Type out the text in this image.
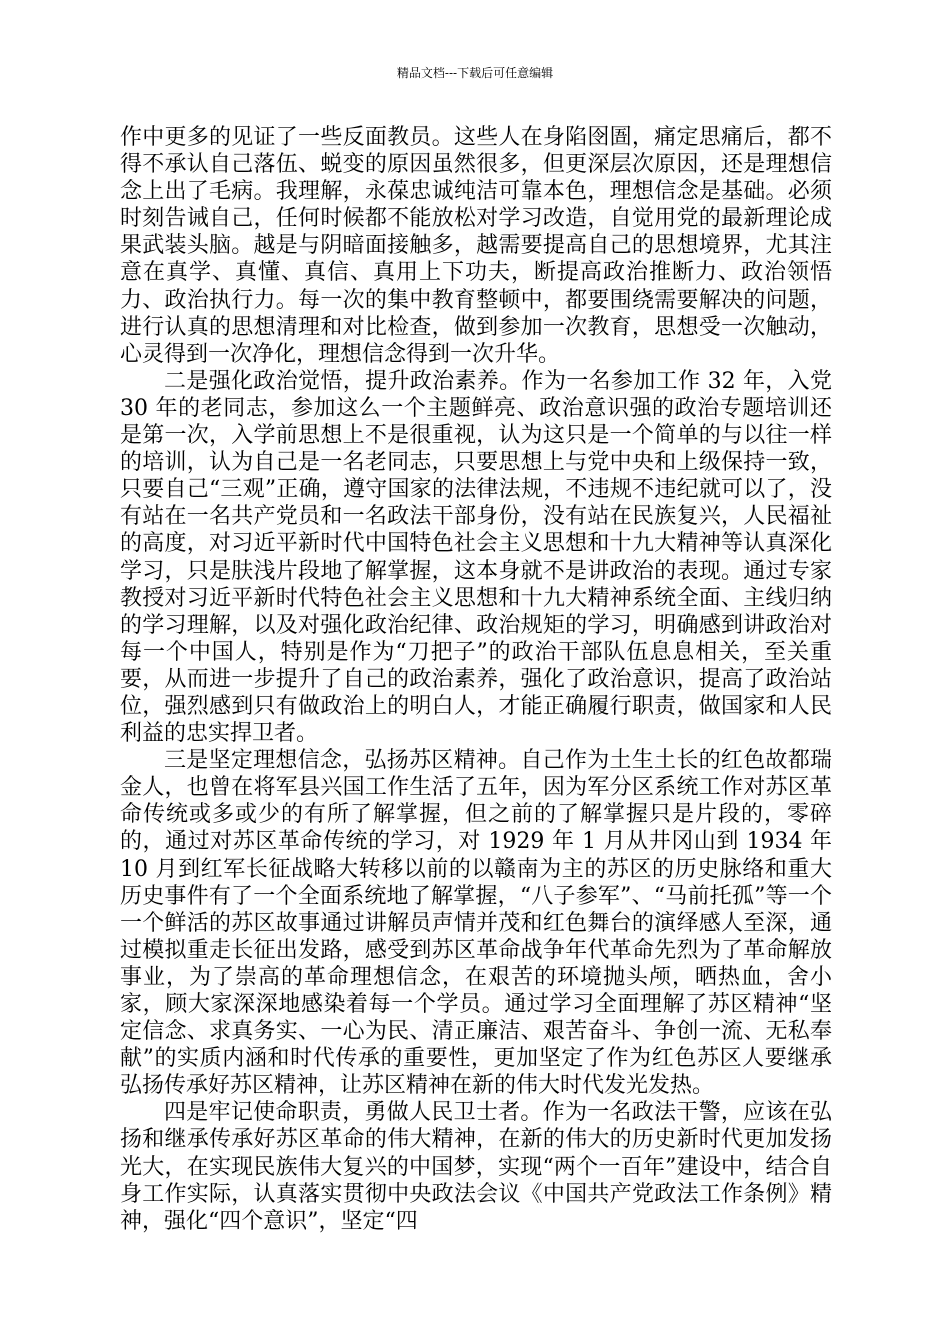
精品文档---下载后可任意编辑

作中更多的见证了一些反面教员。这些人在身陷囹圄，痛定思痛后，都不得不承认自己落伍、蜕变的原因虽然很多，但更深层次原因，还是理想信念上出了毛病。我理解，永葆忠诚纯洁可靠本色，理想信念是基础。必须时刻告诫自己，任何时候都不能放松对学习改造，自觉用党的最新理论成果武装头脑。越是与阴暗面接触多，越需要提高自己的思想境界，尤其注意在真学、真懂、真信、真用上下功夫，断提高政治推断力、政治领悟力、政治执行力。每一次的集中教育整顿中，都要围绕需要解决的问题，进行认真的思想清理和对比检查，做到参加一次教育，思想受一次触动，心灵得到一次净化，理想信念得到一次升华。

二是强化政治觉悟，提升政治素养。作为一名参加工作 32 年，入党 30 年的老同志，参加这么一个主题鲜亮、政治意识强的政治专题培训还是第一次，入学前思想上不是很重视，认为这只是一个简单的与以往一样的培训，认为自己是一名老同志，只要思想上与党中央和上级保持一致，只要自己“三观”正确，遵守国家的法律法规，不违规不违纪就可以了，没有站在一名共产党员和一名政法干部身份，没有站在民族复兴，人民福祉的高度，对习近平新时代中国特色社会主义思想和十九大精神等认真深化学习，只是肤浅片段地了解掌握，这本身就不是讲政治的表现。通过专家教授对习近平新时代特色社会主义思想和十九大精神系统全面、主线归纳的学习理解，以及对强化政治纪律、政治规矩的学习，明确感到讲政治对每一个中国人，特别是作为“刀把子”的政治干部队伍息息相关，至关重要，从而进一步提升了自己的政治素养，强化了政治意识，提高了政治站位，强烈感到只有做政治上的明白人，才能正确履行职责，做国家和人民利益的忠实捍卫者。

三是坚定理想信念，弘扬苏区精神。自己作为土生土长的红色故都瑞金人，也曾在将军县兴国工作生活了五年，因为军分区系统工作对苏区革命传统或多或少的有所了解掌握，但之前的了解掌握只是片段的，零碎的，通过对苏区革命传统的学习，对 1929 年 1 月从井冈山到 1934 年 10 月到红军长征战略大转移以前的以赣南为主的苏区的历史脉络和重大历史事件有了一个全面系统地了解掌握，“八子参军”、“马前托孤”等一个一个鲜活的苏区故事通过讲解员声情并茂和红色舞台的演绎感人至深，通过模拟重走长征出发路，感受到苏区革命战争年代革命先烈为了革命解放事业，为了崇高的革命理想信念，在艰苦的环境抛头颅，晒热血，舍小家，顾大家深深地感染着每一个学员。通过学习全面理解了苏区精神“坚定信念、求真务实、一心为民、清正廉洁、艰苦奋斗、争创一流、无私奉献”的实质内涵和时代传承的重要性，更加坚定了作为红色苏区人要继承弘扬传承好苏区精神，让苏区精神在新的伟大时代发光发热。

四是牢记使命职责，勇做人民卫士者。作为一名政法干警，应该在弘扬和继承传承好苏区革命的伟大精神，在新的伟大的历史新时代更加发扬光大，在实现民族伟大复兴的中国梦，实现“两个一百年”建设中，结合自身工作实际，认真落实贯彻中央政法会议《中国共产党政法工作条例》精神，强化“四个意识”，坚定“四
